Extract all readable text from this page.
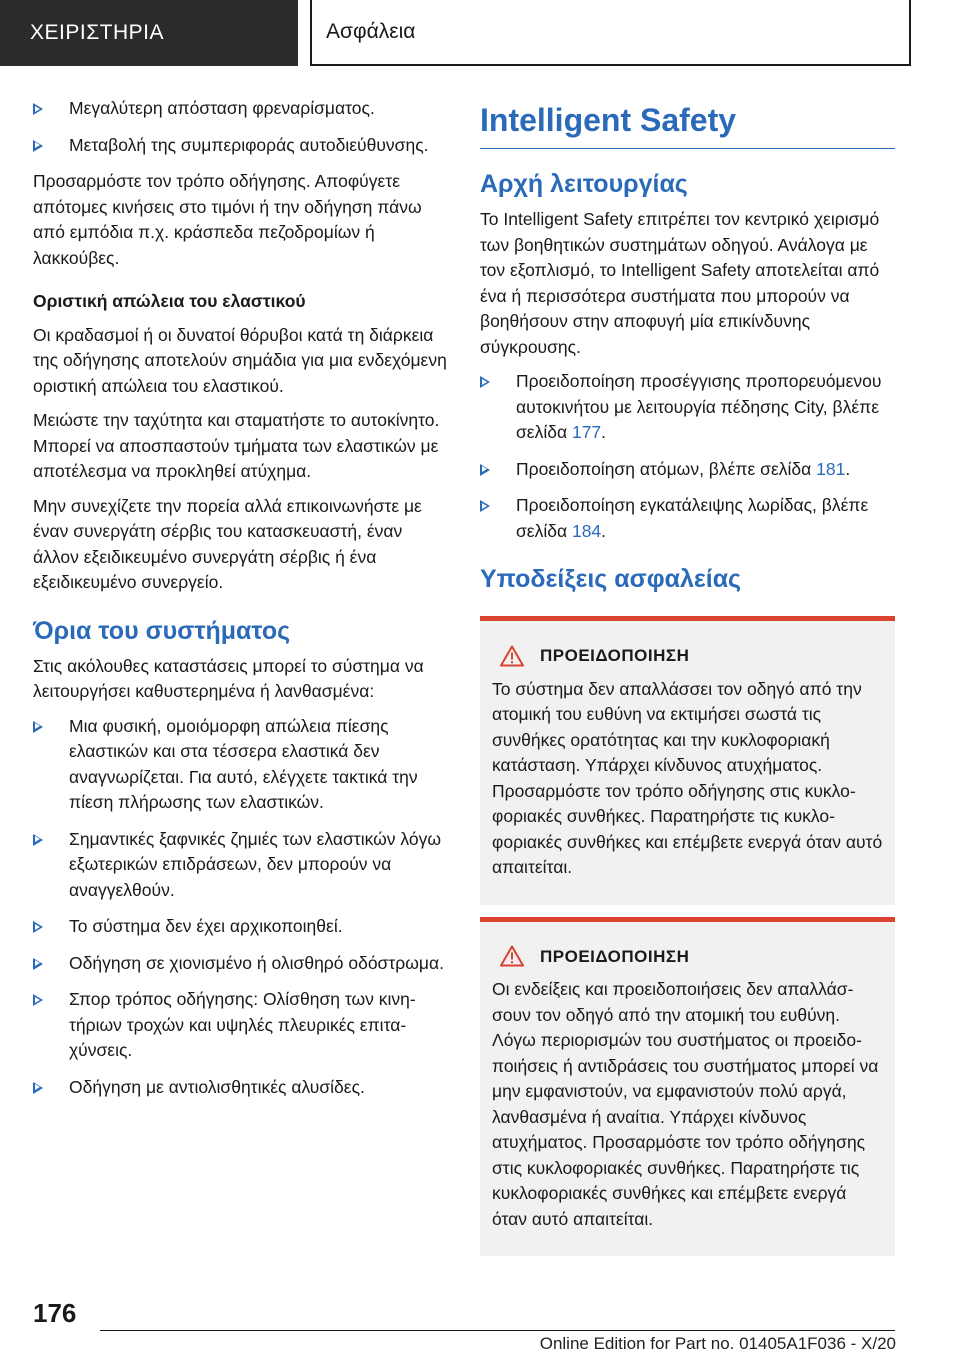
ΧΕΙΡΙΣΤΗΡΙΑ	Ασφάλεια
Μεγαλύτερη απόσταση φρεναρίσματος.
Μεταβολή της συμπεριφοράς αυτοδιεύθυνσης.

Προσαρμόστε τον τρόπο οδήγησης. Αποφύγετε απότομες κινήσεις στο τιμόνι ή την οδήγηση πάνω από εμπόδια π.χ. κράσπεδα πεζοδρομίων ή λακκούβες.

Οριστική απώλεια του ελαστικού

Οι κραδασμοί ή οι δυνατοί θόρυβοι κατά τη διάρκεια της οδήγησης αποτελούν σημάδια για μια ενδεχόμενη οριστική απώλεια του ελαστικού.

Μειώστε την ταχύτητα και σταματήστε το αυτοκίνητο. Μπορεί να αποσπαστούν τμήματα των ελαστικών με αποτέλεσμα να προκληθεί ατύχημα.

Μην συνεχίζετε την πορεία αλλά επικοινωνήστε με έναν συνεργάτη σέρβις του κατασκευαστή, έναν άλλον εξειδικευμένο συνεργάτη σέρβις ή ένα εξειδικευμένο συνεργείο.

Όρια του συστήματος

Στις ακόλουθες καταστάσεις μπορεί το σύστημα να λειτουργήσει καθυστερημένα ή λανθασμένα:

Μια φυσική, ομοιόμορφη απώλεια πίεσης ελαστικών και στα τέσσερα ελαστικά δεν αναγνωρίζεται. Για αυτό, ελέγχετε τακτικά την πίεση πλήρωσης των ελαστικών.
Σημαντικές ξαφνικές ζημιές των ελαστικών λόγω εξωτερικών επιδράσεων, δεν μπορούν να αναγγελθούν.
Το σύστημα δεν έχει αρχικοποιηθεί.
Οδήγηση σε χιονισμένο ή ολισθηρό οδόστρωμα.
Σπορ τρόπος οδήγησης: Ολίσθηση των κινητήριων τροχών και υψηλές πλευρικές επιταχύνσεις.
Οδήγηση με αντιολισθητικές αλυσίδες.
Intelligent Safety
Αρχή λειτουργίας

Το Intelligent Safety επιτρέπει τον κεντρικό χειρισμό των βοηθητικών συστημάτων οδηγού. Ανάλογα με τον εξοπλισμό, το Intelligent Safety αποτελείται από ένα ή περισσότερα συστήματα που μπορούν να βοηθήσουν στην αποφυγή μία επικίνδυνης σύγκρουσης.

Προειδοποίηση προσέγγισης προπορευόμενου αυτοκινήτου με λειτουργία πέδησης City, βλέπε σελίδα 177.
Προειδοποίηση ατόμων, βλέπε σελίδα 181.
Προειδοποίηση εγκατάλειψης λωρίδας, βλέπε σελίδα 184.
Υποδείξεις ασφαλείας
ΠΡΟΕΙΔΟΠΟΙΗΣΗ

Το σύστημα δεν απαλλάσσει τον οδηγό από την ατομική του ευθύνη να εκτιμήσει σωστά τις συνθήκες ορατότητας και την κυκλοφοριακή κατάσταση. Υπάρχει κίνδυνος ατυχήματος. Προσαρμόστε τον τρόπο οδήγησης στις κυκλοφοριακές συνθήκες. Παρατηρήστε τις κυκλοφοριακές συνθήκες και επέμβετε ενεργά όταν αυτό απαιτείται.

ΠΡΟΕΙΔΟΠΟΙΗΣΗ

Οι ενδείξεις και προειδοποιήσεις δεν απαλλάσσουν τον οδηγό από την ατομική του ευθύνη. Λόγω περιορισμών του συστήματος οι προειδοποιήσεις ή αντιδράσεις του συστήματος μπορεί να μην εμφανιστούν, να εμφανιστούν πολύ αργά, λανθασμένα ή αναίτια. Υπάρχει κίνδυνος ατυχήματος. Προσαρμόστε τον τρόπο οδήγησης στις κυκλοφοριακές συνθήκες. Παρατηρήστε τις κυκλοφοριακές συνθήκες και επέμβετε ενεργά όταν αυτό απαιτείται.

176
Online Edition for Part no. 01405A1F036 - X/20
